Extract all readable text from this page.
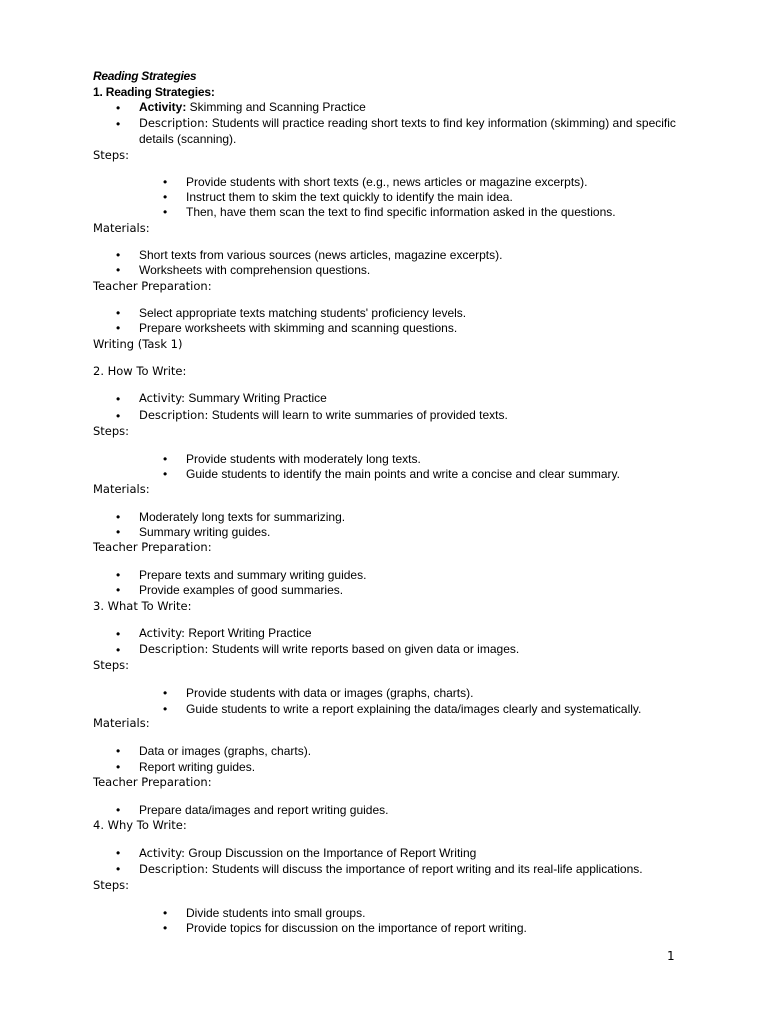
Reading Strategies
1. Reading Strategies:
•	Activity: Skimming and Scanning Practice
•	Description: Students will practice reading short texts to find key information (skimming) and specific details (scanning).
Steps:
•	Provide students with short texts (e.g., news articles or magazine excerpts).
•	Instruct them to skim the text quickly to identify the main idea.
•	Then, have them scan the text to find specific information asked in the questions.
Materials:
•	Short texts from various sources (news articles, magazine excerpts).
•	Worksheets with comprehension questions.
Teacher Preparation:
•	Select appropriate texts matching students' proficiency levels.
•	Prepare worksheets with skimming and scanning questions.
Writing (Task 1)
2. How To Write:
•	Activity: Summary Writing Practice
•	Description: Students will learn to write summaries of provided texts.
Steps:
•	Provide students with moderately long texts.
•	Guide students to identify the main points and write a concise and clear summary.
Materials:
•	Moderately long texts for summarizing.
•	Summary writing guides.
Teacher Preparation:
•	Prepare texts and summary writing guides.
•	Provide examples of good summaries.
3. What To Write:
•	Activity: Report Writing Practice
•	Description: Students will write reports based on given data or images.
Steps:
•	Provide students with data or images (graphs, charts).
•	Guide students to write a report explaining the data/images clearly and systematically.
Materials:
•	Data or images (graphs, charts).
•	Report writing guides.
Teacher Preparation:
•	Prepare data/images and report writing guides.
4. Why To Write:
•	Activity: Group Discussion on the Importance of Report Writing
•	Description: Students will discuss the importance of report writing and its real-life applications.
Steps:
•	Divide students into small groups.
•	Provide topics for discussion on the importance of report writing.
1
